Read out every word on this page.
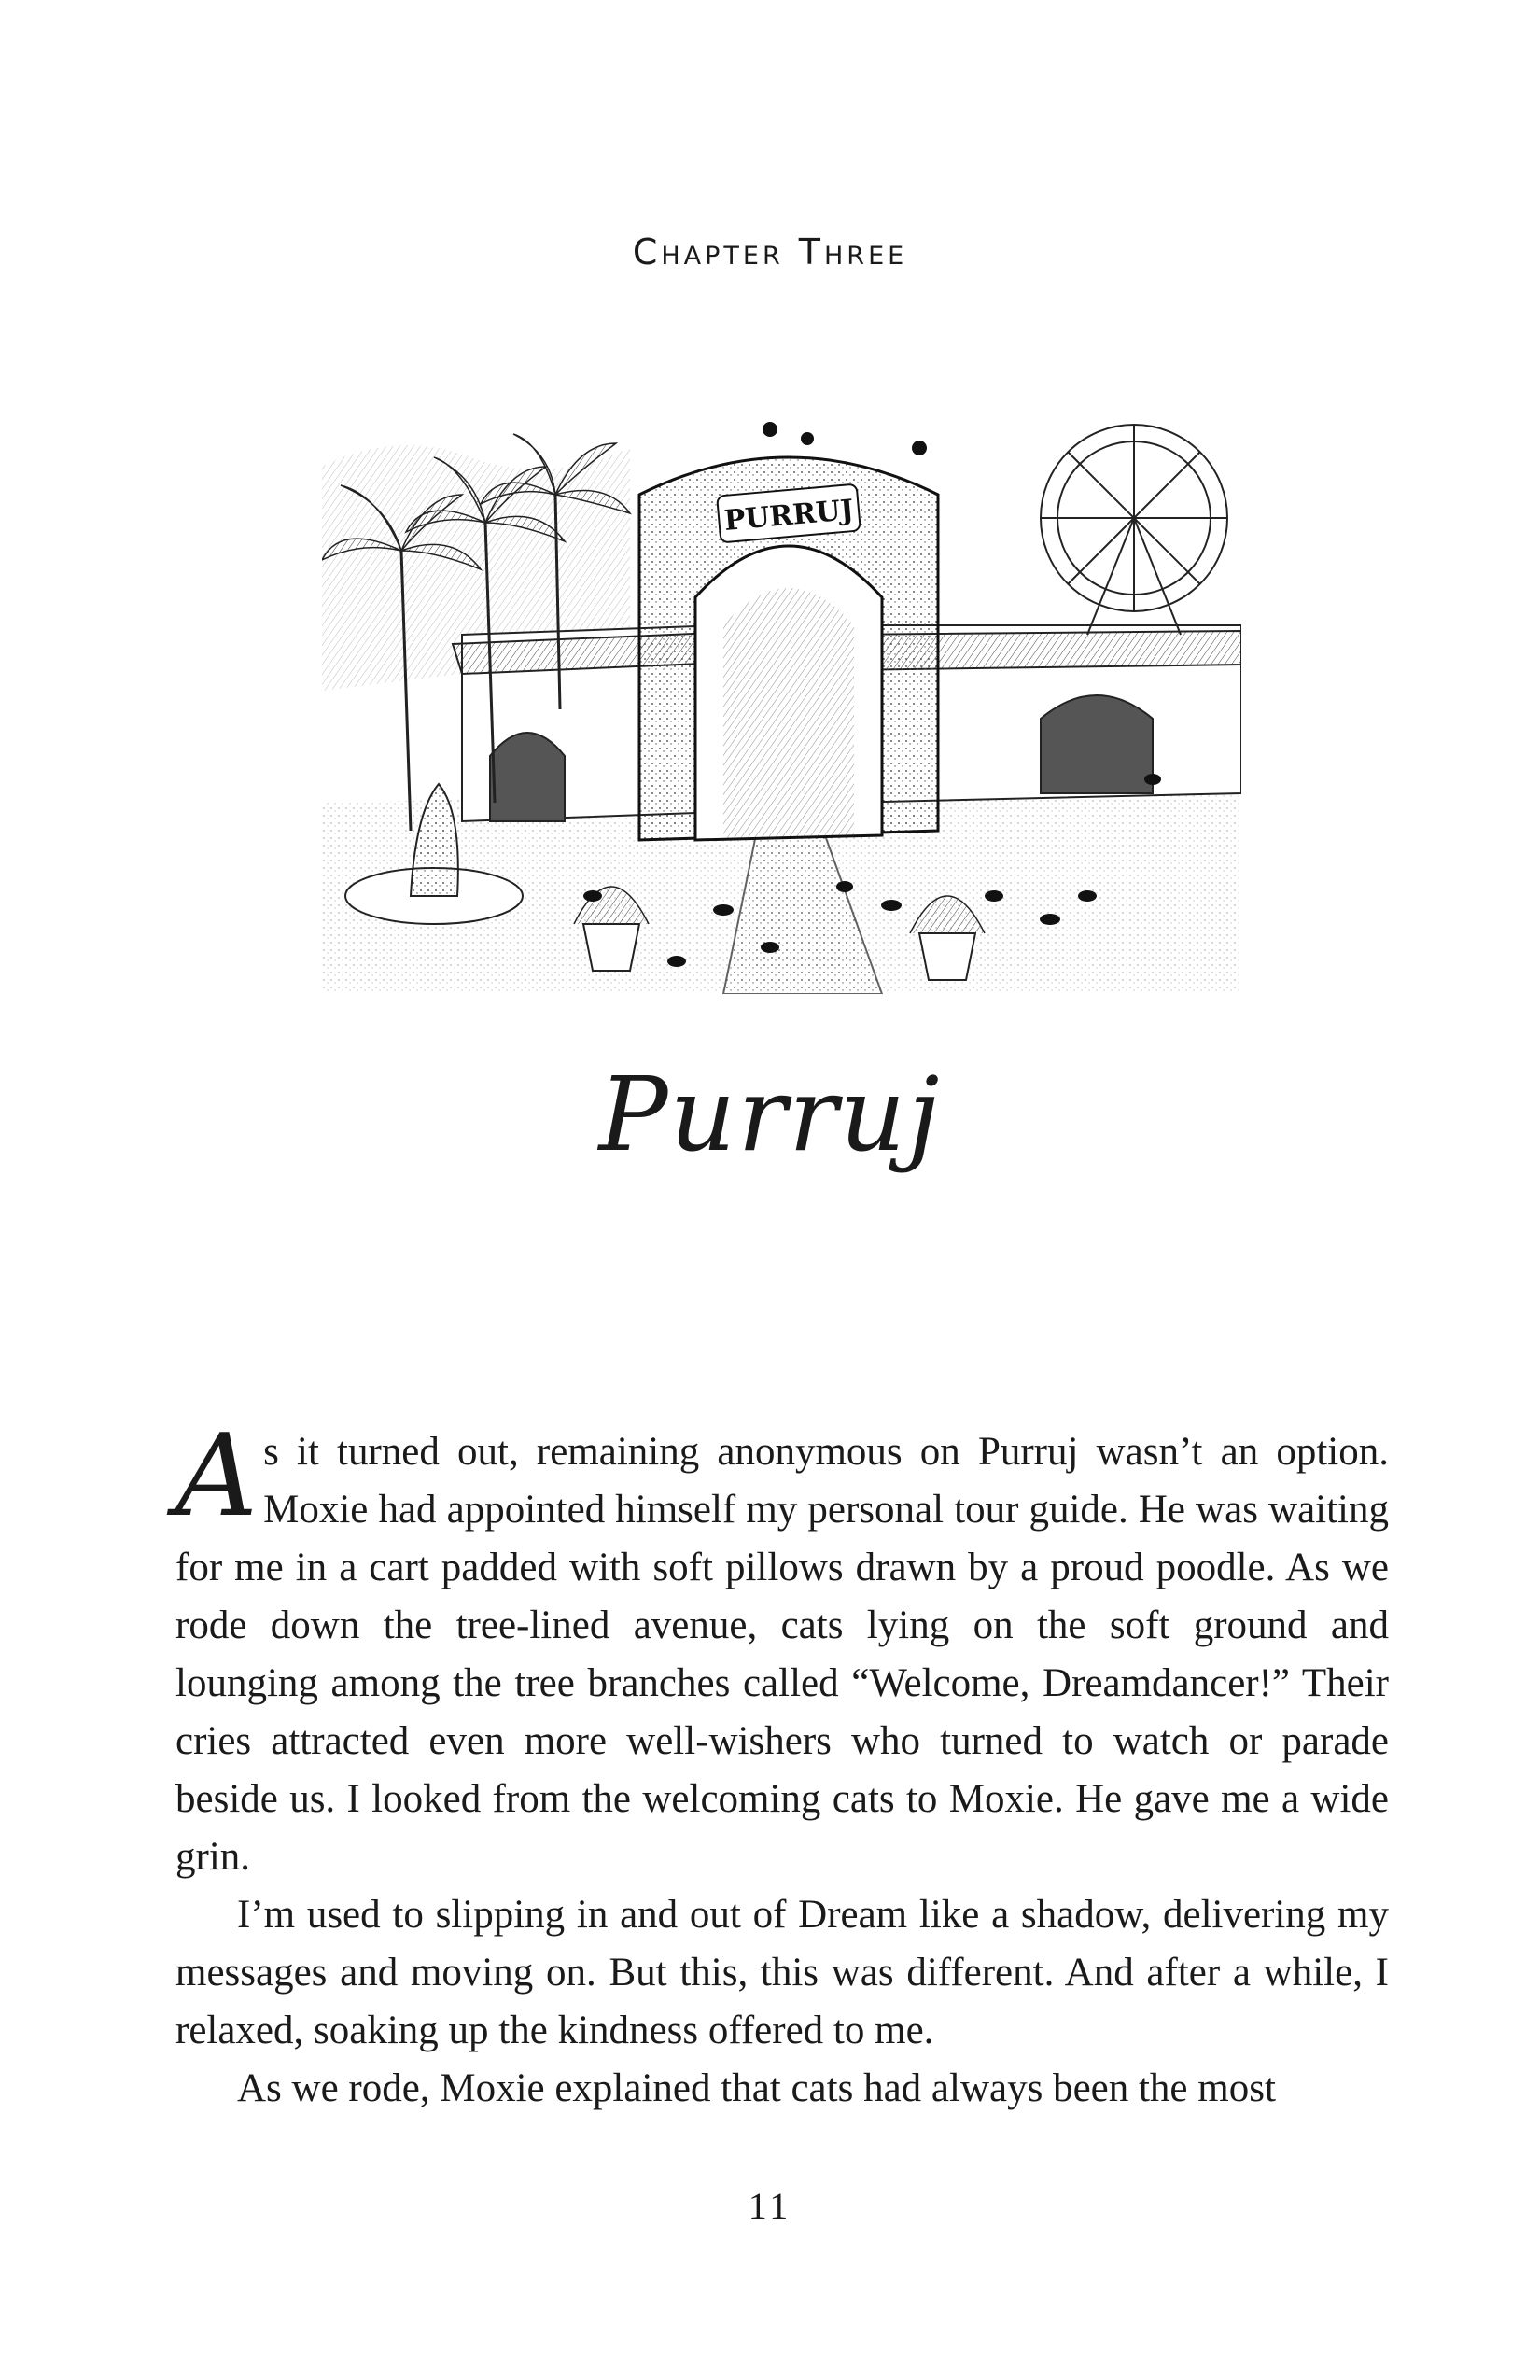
Chapter Three
PURRUJ
Purruj

As it turned out, remaining anonymous on Purruj wasn’t an option. Moxie had appointed himself my personal tour guide. He was waiting for me in a cart padded with soft pillows drawn by a proud poodle. As we rode down the tree-lined avenue, cats lying on the soft ground and lounging among the tree branches called “Welcome, Dreamdancer!” Their cries attracted even more well-wishers who turned to watch or parade beside us. I looked from the welcoming cats to Moxie. He gave me a wide grin.

I’m used to slipping in and out of Dream like a shadow, delivering my messages and moving on. But this, this was different. And after a while, I relaxed, soaking up the kindness offered to me.

As we rode, Moxie explained that cats had always been the most

11
